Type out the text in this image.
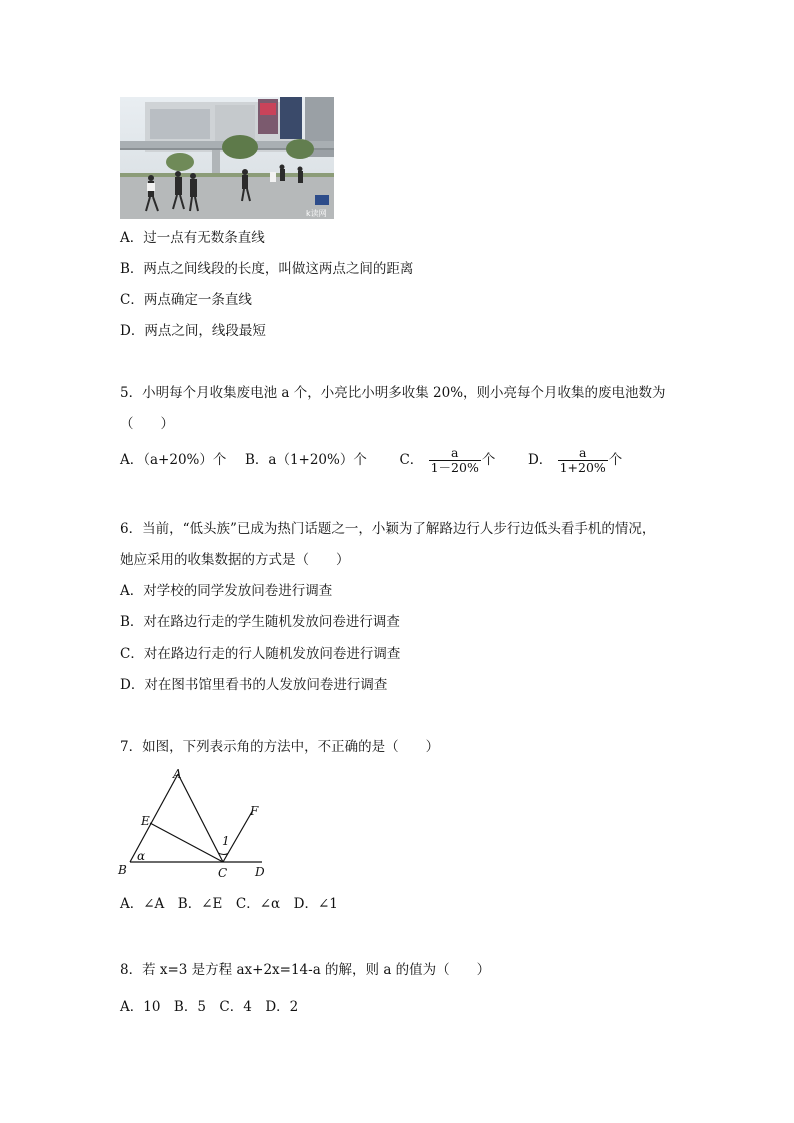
k读网
A．过一点有无数条直线
B．两点之间线段的长度，叫做这两点之间的距离
C．两点确定一条直线
D．两点之间，线段最短
5．小明每个月收集废电池 a 个，小亮比小明多收集 20%，则小亮每个月收集的废电池数为
（　　）
A．（a+20%）个 B．a（1+20%）个 C． $\frac{a}{1-20\%}$ 个 D． $\frac{a}{1+20\%}$ 个
6．当前，“低头族”已成为热门话题之一，小颖为了解路边行人步行边低头看手机的情况，
她应采用的收集数据的方式是（　　）
A．对学校的同学发放问卷进行调查
B．对在路边行走的学生随机发放问卷进行调查
C．对在路边行走的行人随机发放问卷进行调查
D．对在图书馆里看书的人发放问卷进行调查
7．如图，下列表示角的方法中，不正确的是（　　）
A
B	C D
E
F
1
α
A．∠A　B．∠E　C．∠α　D．∠1
8．若 x=3 是方程 ax+2x=14-a 的解，则 a 的值为（　　）
A．10　B．5　C．4　D．2
